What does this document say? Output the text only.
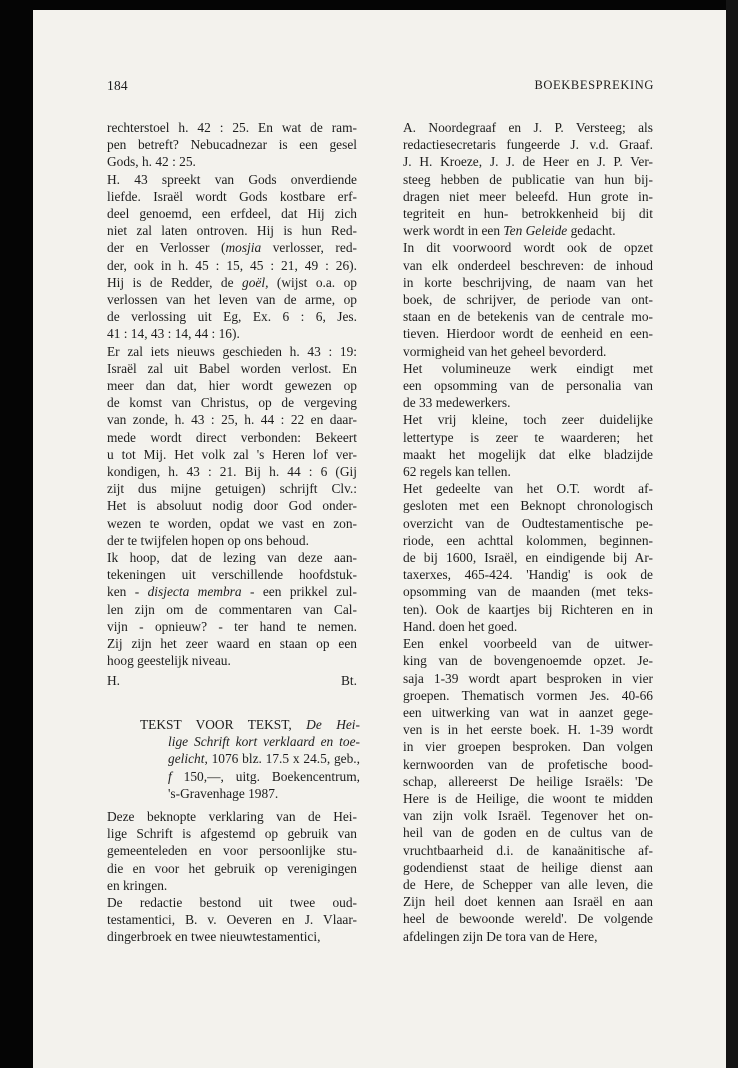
184	BOEKBESPREKING
rechterstoel h. 42 : 25. En wat de ram-
pen betreft? Nebucadnezar is een gesel
Gods, h. 42 : 25.
H. 43 spreekt van Gods onverdiende
liefde. Israël wordt Gods kostbare erf-
deel genoemd, een erfdeel, dat Hij zich
niet zal laten ontroven. Hij is hun Red-
der en Verlosser (mosjia verlosser, red-
der, ook in h. 45 : 15, 45 : 21, 49 : 26).
Hij is de Redder, de goël, (wijst o.a. op
verlossen van het leven van de arme, op
de verlossing uit Eg, Ex. 6 : 6, Jes.
41 : 14, 43 : 14, 44 : 16).
Er zal iets nieuws geschieden h. 43 : 19:
Israël zal uit Babel worden verlost. En
meer dan dat, hier wordt gewezen op
de komst van Christus, op de vergeving
van zonde, h. 43 : 25, h. 44 : 22 en daar-
mede wordt direct verbonden: Bekeert
u tot Mij. Het volk zal 's Heren lof ver-
kondigen, h. 43 : 21. Bij h. 44 : 6 (Gij
zijt dus mijne getuigen) schrijft Clv.:
Het is absoluut nodig door God onder-
wezen te worden, opdat we vast en zon-
der te twijfelen hopen op ons behoud.
Ik hoop, dat de lezing van deze aan-
tekeningen uit verschillende hoofdstuk-
ken - disjecta membra - een prikkel zul-
len zijn om de commentaren van Cal-
vijn - opnieuw? - ter hand te nemen.
Zij zijn het zeer waard en staan op een
hoog geestelijk niveau.
H.	Bt.
TEKST VOOR TEKST, De Hei-
lige Schrift kort verklaard en toe-
gelicht, 1076 blz. 17.5 x 24.5, geb.,
f 150,—, uitg. Boekencentrum,
's-Gravenhage 1987.
Deze beknopte verklaring van de Hei-
lige Schrift is afgestemd op gebruik van
gemeenteleden en voor persoonlijke stu-
die en voor het gebruik op verenigingen
en kringen.
De redactie bestond uit twee oud-
testamentici, B. v. Oeveren en J. Vlaar-
dingerbroek en twee nieuwtestamentici,
A. Noordegraaf en J. P. Versteeg; als
redactiesecretaris fungeerde J. v.d. Graaf.
J. H. Kroeze, J. J. de Heer en J. P. Ver-
steeg hebben de publicatie van hun bij-
dragen niet meer beleefd. Hun grote in-
tegriteit en hun- betrokkenheid bij dit
werk wordt in een Ten Geleide gedacht.
In dit voorwoord wordt ook de opzet
van elk onderdeel beschreven: de inhoud
in korte beschrijving, de naam van het
boek, de schrijver, de periode van ont-
staan en de betekenis van de centrale mo-
tieven. Hierdoor wordt de eenheid en een-
vormigheid van het geheel bevorderd.
Het volumineuze werk eindigt met
een opsomming van de personalia van
de 33 medewerkers.
Het vrij kleine, toch zeer duidelijke
lettertype is zeer te waarderen; het
maakt het mogelijk dat elke bladzijde
62 regels kan tellen.
Het gedeelte van het O.T. wordt af-
gesloten met een Beknopt chronologisch
overzicht van de Oudtestamentische pe-
riode, een achttal kolommen, beginnen-
de bij 1600, Israël, en eindigende bij Ar-
taxerxes, 465-424. 'Handig' is ook de
opsomming van de maanden (met teks-
ten). Ook de kaartjes bij Richteren en in
Hand. doen het goed.
Een enkel voorbeeld van de uitwer-
king van de bovengenoemde opzet. Je-
saja 1-39 wordt apart besproken in vier
groepen. Thematisch vormen Jes. 40-66
een uitwerking van wat in aanzet gege-
ven is in het eerste boek. H. 1-39 wordt
in vier groepen besproken. Dan volgen
kernwoorden van de profetische bood-
schap, allereerst De heilige Israëls: 'De
Here is de Heilige, die woont te midden
van zijn volk Israël. Tegenover het on-
heil van de goden en de cultus van de
vruchtbaarheid d.i. de kanaänitische af-
godendienst staat de heilige dienst aan
de Here, de Schepper van alle leven, die
Zijn heil doet kennen aan Israël en aan
heel de bewoonde wereld'. De volgende
afdelingen zijn De tora van de Here,
